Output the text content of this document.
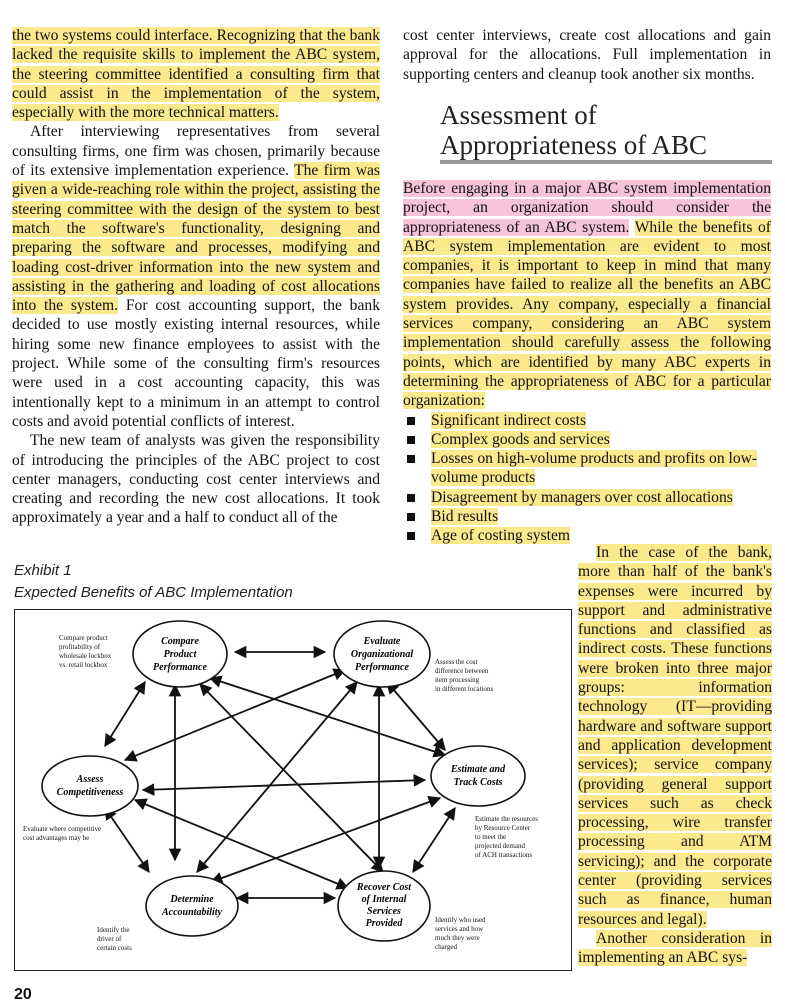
the two systems could interface. Recognizing that the bank lacked the requisite skills to implement the ABC system, the steering committee identified a consulting firm that could assist in the implementation of the system, especially with the more technical matters.

After interviewing representatives from several consulting firms, one firm was chosen, primarily because of its extensive implementation experience. The firm was given a wide-reaching role within the project, assisting the steering committee with the design of the system to best match the software's functionality, designing and preparing the software and processes, modifying and loading cost-driver information into the new system and assisting in the gathering and loading of cost allocations into the system. For cost accounting support, the bank decided to use mostly existing internal resources, while hiring some new finance employees to assist with the project. While some of the consulting firm's resources were used in a cost accounting capacity, this was intentionally kept to a minimum in an attempt to control costs and avoid potential conflicts of interest.

The new team of analysts was given the responsibility of introducing the principles of the ABC project to cost center managers, conducting cost center interviews and creating and recording the new cost allocations. It took approximately a year and a half to conduct all of the

cost center interviews, create cost allocations and gain approval for the allocations. Full implementation in supporting centers and cleanup took another six months.

Assessment of Appropriateness of ABC

Before engaging in a major ABC system implementation project, an organization should consider the appropriateness of an ABC system. While the benefits of ABC system implementation are evident to most companies, it is important to keep in mind that many companies have failed to realize all the benefits an ABC system provides. Any company, especially a financial services company, considering an ABC system implementation should carefully assess the following points, which are identified by many ABC experts in determining the appropriateness of ABC for a particular organization:

Significant indirect costs
Complex goods and services
Losses on high-volume products and profits on low-volume products
Disagreement by managers over cost allocations
Bid results
Age of costing system

In the case of the bank, more than half of the bank's expenses were incurred by support and administrative functions and classified as indirect costs. These functions were broken into three major groups: information technology (IT—providing hardware and software support and application development services); service company (providing general support services such as check processing, wire transfer processing and ATM servicing); and the corporate center (providing services such as finance, human resources and legal).

Another consideration in implementing an ABC sys-

Exhibit 1
Expected Benefits of ABC Implementation
Compare
Product
Performance
Evaluate
Organizational
Performance
Assess
Competitiveness
Estimate and
Track Costs
Determine
Accountability
Recover Cost
of Internal
Services
Provided
Compare product
profitability of
wholesale lockbox
vs. retail lockbox	Assess the cost
difference between
item processing
in different locations
Evaluate where competitive
cost advantages may be
Estimate the resources
by Resource Center
to meet the
projected demand
of ACH transactions
Identify the
driver of
certain costs
Identify who used
services and how
much they were
charged
20
